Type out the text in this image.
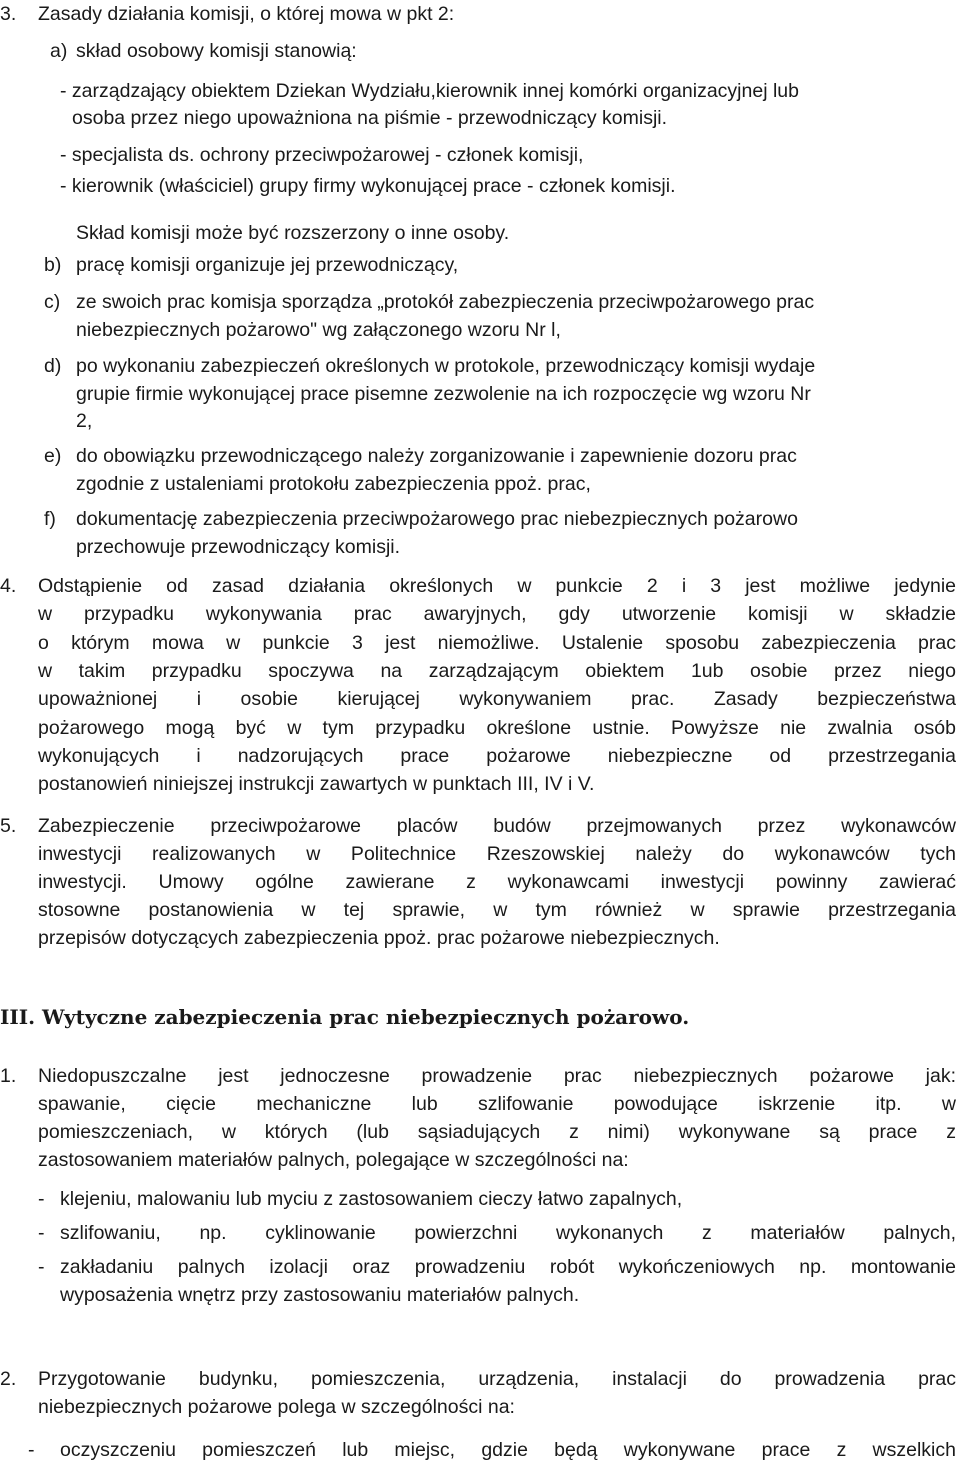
3. Zasady działania komisji, o której mowa w pkt 2:
a) skład osobowy komisji stanowią:
- zarządzający obiektem Dziekan Wydziału,kierownik innej komórki organizacyjnej lub
osoba przez niego upoważniona na piśmie - przewodniczący komisji.
- specjalista ds. ochrony przeciwpożarowej - członek komisji,
- kierownik (właściciel) grupy firmy wykonującej prace - członek komisji.
Skład komisji może być rozszerzony o inne osoby.
b) pracę komisji organizuje jej przewodniczący,
c) ze swoich prac komisja sporządza „protokół zabezpieczenia przeciwpożarowego prac
niebezpiecznych pożarowo" wg załączonego wzoru Nr l,
d) po wykonaniu zabezpieczeń określonych w protokole, przewodniczący komisji wydaje
grupie firmie wykonującej prace pisemne zezwolenie na ich rozpoczęcie wg wzoru Nr
2,
e) do obowiązku przewodniczącego należy zorganizowanie i zapewnienie dozoru prac
zgodnie z ustaleniami protokołu zabezpieczenia ppoż. prac,
f) dokumentację zabezpieczenia przeciwpożarowego prac niebezpiecznych pożarowo
przechowuje przewodniczący komisji.
4. Odstąpienie od zasad działania określonych w punkcie 2 i 3 jest możliwe jedynie
w przypadku wykonywania prac awaryjnych, gdy utworzenie komisji w składzie
o którym mowa w punkcie 3 jest niemożliwe. Ustalenie sposobu zabezpieczenia prac
w takim przypadku spoczywa na zarządzającym obiektem 1ub osobie przez niego
upoważnionej i osobie kierującej wykonywaniem prac. Zasady bezpieczeństwa
pożarowego mogą być w tym przypadku określone ustnie. Powyższe nie zwalnia osób
wykonujących i nadzorujących prace pożarowe niebezpieczne od przestrzegania
postanowień niniejszej instrukcji zawartych w punktach III, IV i V.
5. Zabezpieczenie przeciwpożarowe placów budów przejmowanych przez wykonawców
inwestycji realizowanych w Politechnice Rzeszowskiej należy do wykonawców tych
inwestycji. Umowy ogólne zawierane z wykonawcami inwestycji powinny zawierać
stosowne postanowienia w tej sprawie, w tym również w sprawie przestrzegania
przepisów dotyczących zabezpieczenia ppoż. prac pożarowe niebezpiecznych.
III. Wytyczne zabezpieczenia prac niebezpiecznych pożarowo.
1. Niedopuszczalne jest jednoczesne prowadzenie prac niebezpiecznych pożarowe jak:
spawanie, cięcie mechaniczne lub szlifowanie powodujące iskrzenie itp. w
pomieszczeniach, w których (lub sąsiadujących z nimi) wykonywane są prace z
zastosowaniem materiałów palnych, polegające w szczególności na:
- klejeniu, malowaniu lub myciu z zastosowaniem cieczy łatwo zapalnych,
- szlifowaniu, np. cyklinowanie powierzchni wykonanych z materiałów palnych,
- zakładaniu palnych izolacji oraz prowadzeniu robót wykończeniowych np. montowanie
wyposażenia wnętrz przy zastosowaniu materiałów palnych.
2. Przygotowanie budynku, pomieszczenia, urządzenia, instalacji do prowadzenia prac
niebezpiecznych pożarowe polega w szczególności na:
- oczyszczeniu pomieszczeń lub miejsc, gdzie będą wykonywane prace z wszelkich
